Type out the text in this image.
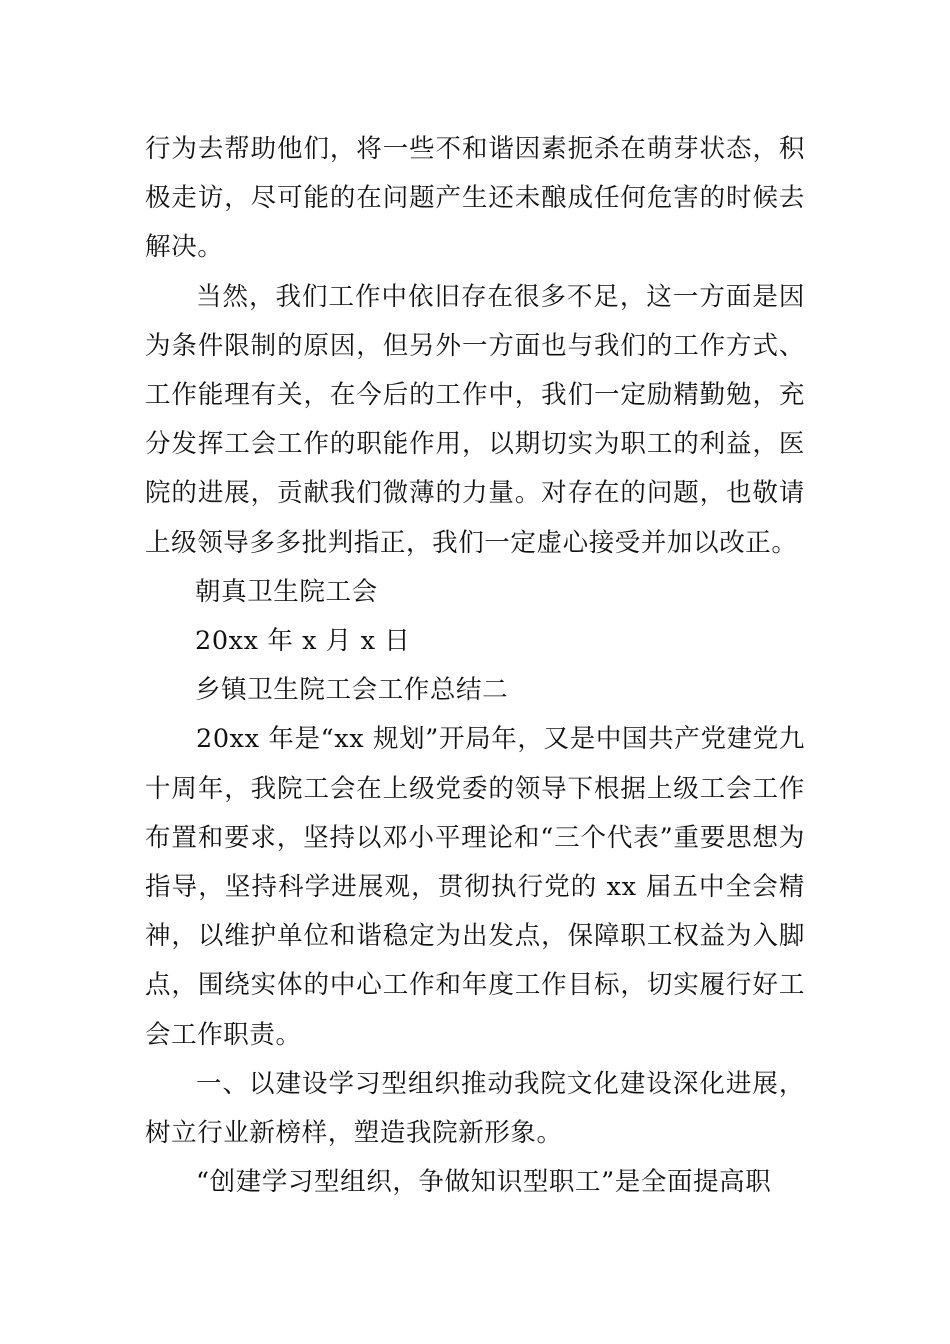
行为去帮助他们，将一些不和谐因素扼杀在萌芽状态，积极走访，尽可能的在问题产生还未酿成任何危害的时候去解决。

当然，我们工作中依旧存在很多不足，这一方面是因为条件限制的原因，但另外一方面也与我们的工作方式、工作能理有关，在今后的工作中，我们一定励精勤勉，充分发挥工会工作的职能作用，以期切实为职工的利益，医院的进展，贡献我们微薄的力量。对存在的问题，也敬请上级领导多多批判指正，我们一定虚心接受并加以改正。

朝真卫生院工会

20xx 年 x 月 x 日

乡镇卫生院工会工作总结二

20xx 年是“xx 规划”开局年，又是中国共产党建党九十周年，我院工会在上级党委的领导下根据上级工会工作布置和要求，坚持以邓小平理论和“三个代表”重要思想为指导，坚持科学进展观，贯彻执行党的 xx 届五中全会精神，以维护单位和谐稳定为出发点，保障职工权益为入脚点，围绕实体的中心工作和年度工作目标，切实履行好工会工作职责。

一、以建设学习型组织推动我院文化建设深化进展，树立行业新榜样，塑造我院新形象。

“创建学习型组织，争做知识型职工”是全面提高职
